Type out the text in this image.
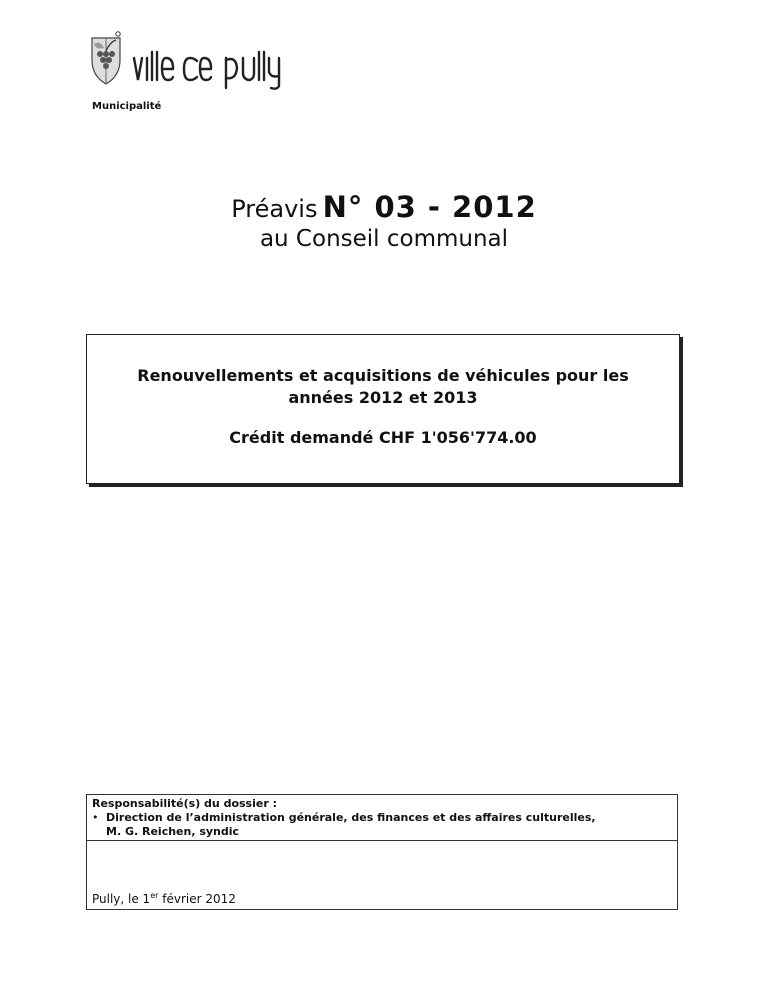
Municipalité
Préavis N° 03 - 2012
au Conseil communal
Renouvellements et acquisitions de véhicules pour les
années 2012 et 2013
Crédit demandé CHF 1'056'774.00
Responsabilité(s) du dossier :
• Direction de l’administration générale, des finances et des affaires culturelles,
M. G. Reichen, syndic
Pully, le 1er février 2012
